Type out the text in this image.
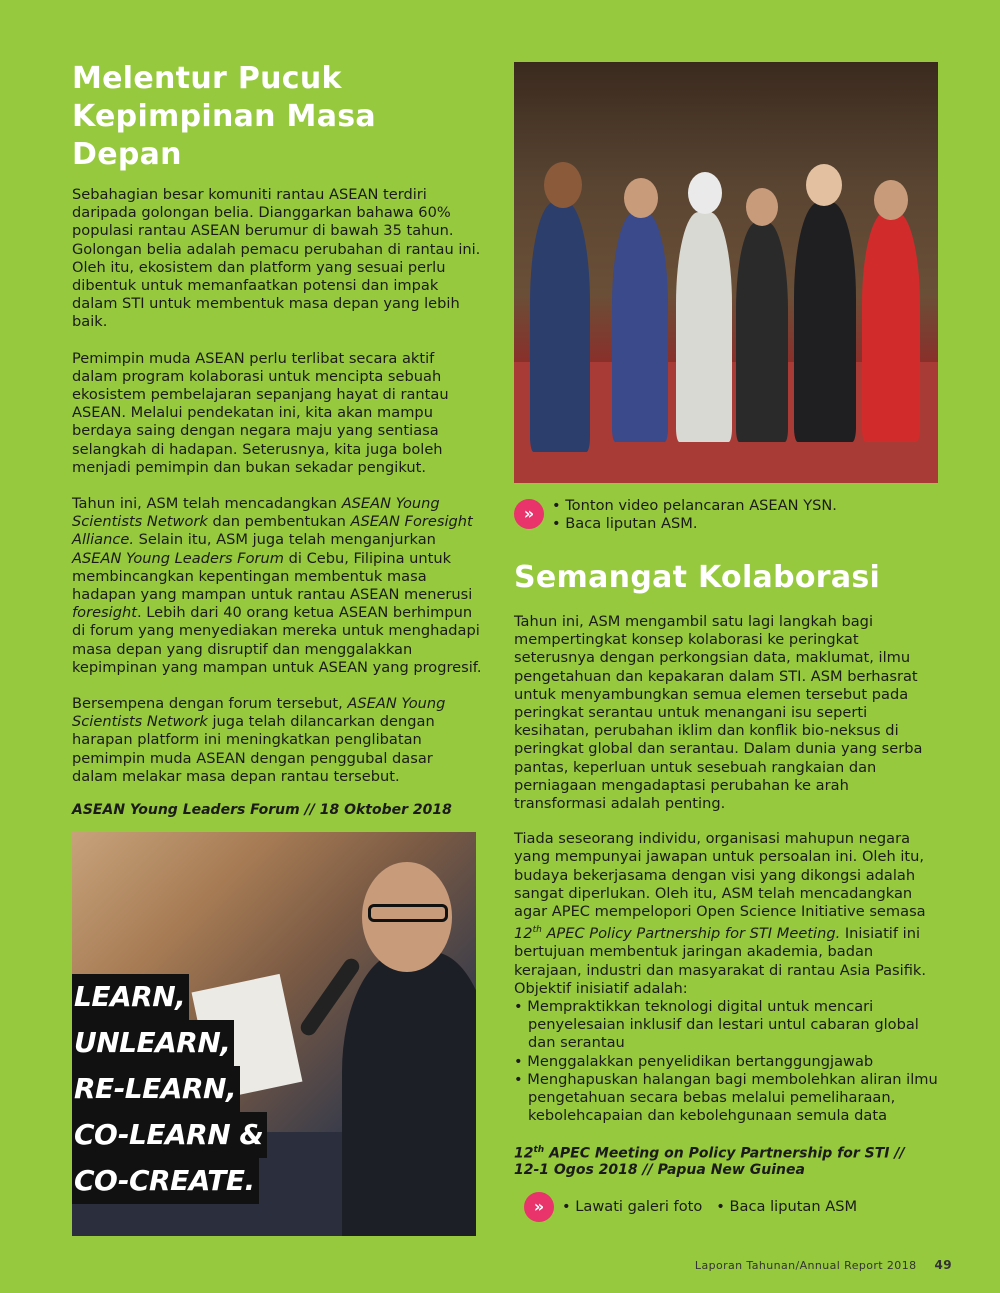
Melentur Pucuk
Kepimpinan Masa Depan

Sebahagian besar komuniti rantau ASEAN terdiri daripada golongan belia. Dianggarkan bahawa 60% populasi rantau ASEAN berumur di bawah 35 tahun. Golongan belia adalah pemacu perubahan di rantau ini. Oleh itu, ekosistem dan platform yang sesuai perlu dibentuk untuk memanfaatkan potensi dan impak dalam STI untuk membentuk masa depan yang lebih baik.

Pemimpin muda ASEAN perlu terlibat secara aktif dalam program kolaborasi untuk mencipta sebuah ekosistem pembelajaran sepanjang hayat di rantau ASEAN. Melalui pendekatan ini, kita akan mampu berdaya saing dengan negara maju yang sentiasa selangkah di hadapan. Seterusnya, kita juga boleh menjadi pemimpin dan bukan sekadar pengikut.

Tahun ini, ASM telah mencadangkan ASEAN Young Scientists Network dan pembentukan ASEAN Foresight Alliance. Selain itu, ASM juga telah menganjurkan ASEAN Young Leaders Forum di Cebu, Filipina untuk membincangkan kepentingan membentuk masa hadapan yang mampan untuk rantau ASEAN menerusi foresight. Lebih dari 40 orang ketua ASEAN berhimpun di forum yang menyediakan mereka untuk menghadapi masa depan yang disruptif dan menggalakkan kepimpinan yang mampan untuk ASEAN yang progresif.

Bersempena dengan forum tersebut, ASEAN Young Scientists Network juga telah dilancarkan dengan harapan platform ini meningkatkan penglibatan pemimpin muda ASEAN dengan penggubal dasar dalam melakar masa depan rantau tersebut.

ASEAN Young Leaders Forum // 18 Oktober 2018
LEARN,
UNLEARN,
RE-LEARN,
CO-LEARN &
CO-CREATE.
»	• Tonton video pelancaran ASEAN YSN.
• Baca liputan ASM.
Semangat Kolaborasi

Tahun ini, ASM mengambil satu lagi langkah bagi mempertingkat konsep kolaborasi ke peringkat seterusnya dengan perkongsian data, maklumat, ilmu pengetahuan dan kepakaran dalam STI. ASM berhasrat untuk menyambungkan semua elemen tersebut pada peringkat serantau untuk menangani isu seperti kesihatan, perubahan iklim dan konflik bio-neksus di peringkat global dan serantau. Dalam dunia yang serba pantas, keperluan untuk sesebuah rangkaian dan perniagaan mengadaptasi perubahan ke arah transformasi adalah penting.

Tiada seseorang individu, organisasi mahupun negara yang mempunyai jawapan untuk persoalan ini. Oleh itu, budaya bekerjasama dengan visi yang dikongsi adalah sangat diperlukan. Oleh itu, ASM telah mencadangkan agar APEC mempelopori Open Science Initiative semasa 12th APEC Policy Partnership for STI Meeting. Inisiatif ini bertujuan membentuk jaringan akademia, badan kerajaan, industri dan masyarakat di rantau Asia Pasifik. Objektif inisiatif adalah:

• Mempraktikkan teknologi digital untuk mencari penyelesaian inklusif dan lestari untul cabaran global dan serantau
• Menggalakkan penyelidikan bertanggungjawab
• Menghapuskan halangan bagi membolehkan aliran ilmu pengetahuan secara bebas melalui pemeliharaan, kebolehcapaian dan kebolehgunaan semula data
12th APEC Meeting on Policy Partnership for STI //
12-1 Ogos 2018 // Papua New Guinea
»	• Lawati galeri foto	• Baca liputan ASM
Laporan Tahunan/Annual Report 2018 49
